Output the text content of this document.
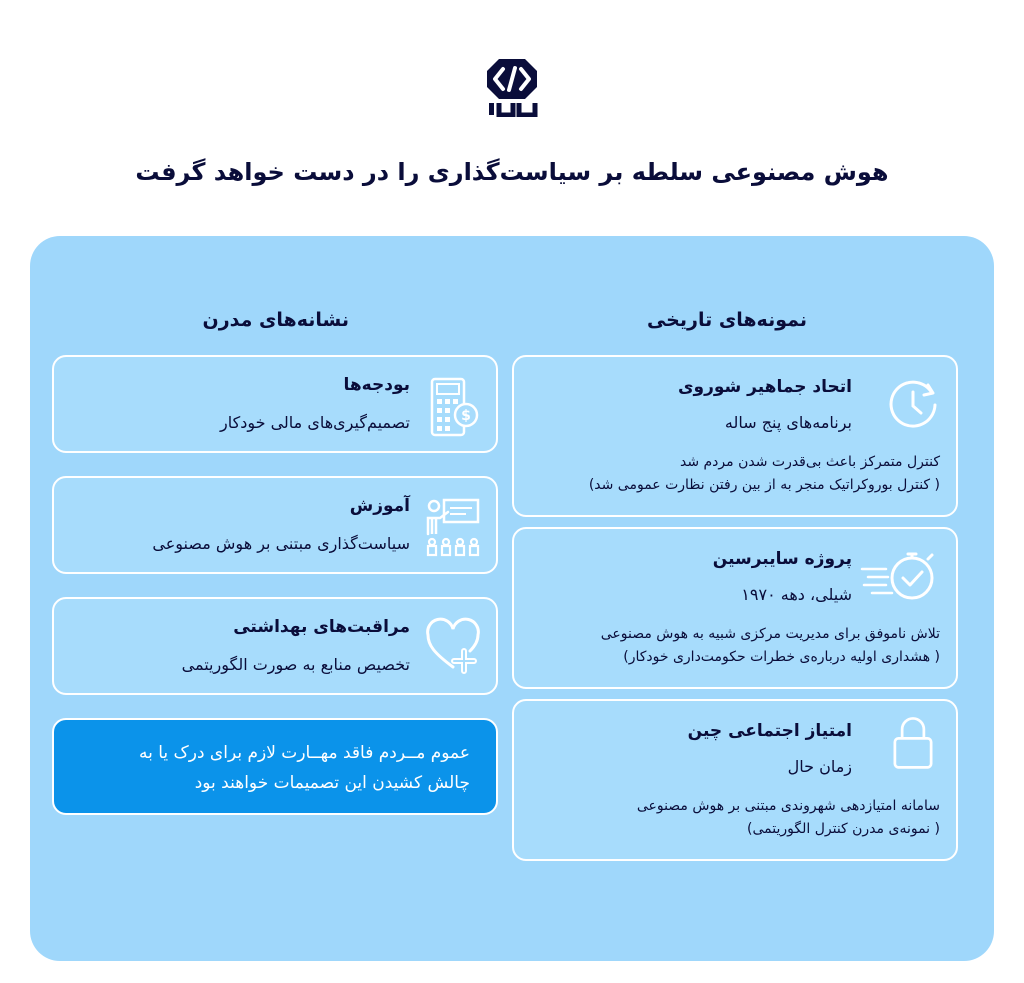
هوش مصنوعی سلطه بر سیاست‌گذاری را در دست خواهد گرفت
نمونه‌های تاریخی
نشانه‌های مدرن
اتحاد جماهیر شوروی
برنامه‌های پنج ساله
کنترل متمرکز باعث بی‌قدرت شدن مردم شد
( کنترل بوروکراتیک منجر به از بین رفتن نظارت عمومی شد)
پروژه سایبرسین
شیلی، دهه ۱۹۷۰
تلاش ناموفق برای مدیریت مرکزی شبیه به هوش مصنوعی
( هشداری اولیه درباره‌ی خطرات حکومت‌داری خودکار)
امتیاز اجتماعی چین
زمان حال
سامانه امتیازدهی شهروندی مبتنی بر هوش مصنوعی
( نمونه‌ی مدرن کنترل الگوریتمی)
$
بودجه‌ها
تصمیم‌گیری‌های مالی خودکار
آموزش
سیاست‌گذاری مبتنی بر هوش مصنوعی
مراقبت‌های بهداشتی
تخصیص منابع به صورت الگوریتمی
عموم مــردم فاقد مهــارت لازم برای درک یا به
چالش کشیدن این تصمیمات خواهند بود
